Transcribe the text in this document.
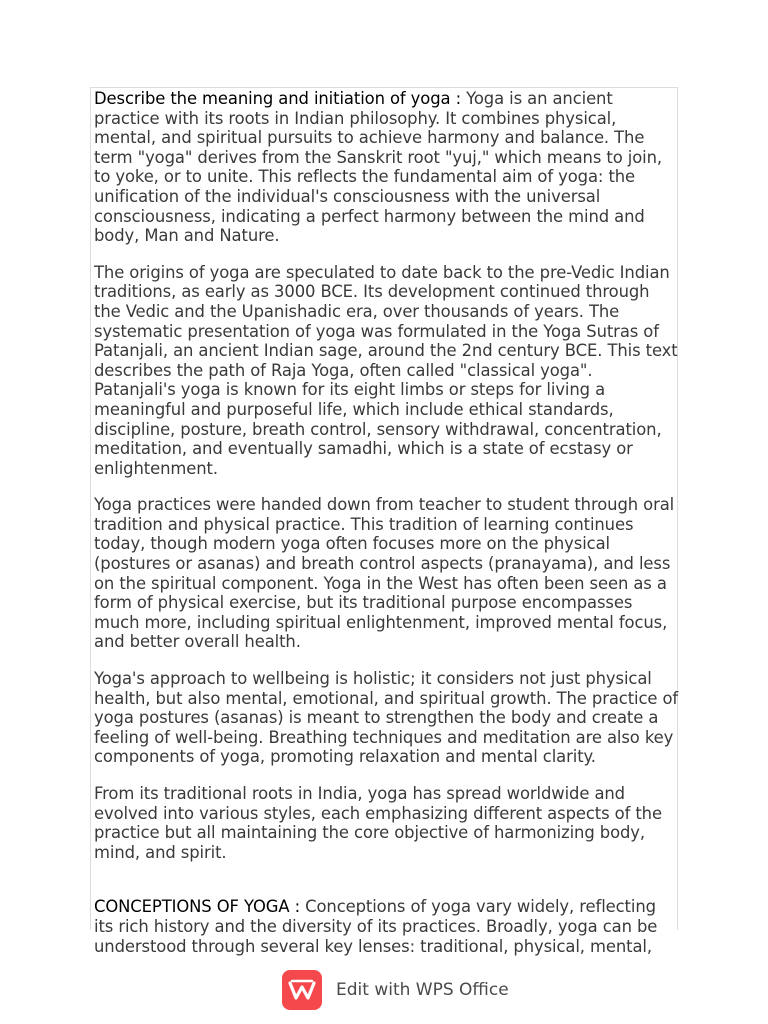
Describe the meaning and initiation of yoga : Yoga is an ancient practice with its roots in Indian philosophy. It combines physical, mental, and spiritual pursuits to achieve harmony and balance. The term "yoga" derives from the Sanskrit root "yuj," which means to join, to yoke, or to unite. This reflects the fundamental aim of yoga: the unification of the individual's consciousness with the universal consciousness, indicating a perfect harmony between the mind and body, Man and Nature.

The origins of yoga are speculated to date back to the pre-Vedic Indian traditions, as early as 3000 BCE. Its development continued through the Vedic and the Upanishadic era, over thousands of years. The systematic presentation of yoga was formulated in the Yoga Sutras of Patanjali, an ancient Indian sage, around the 2nd century BCE. This text describes the path of Raja Yoga, often called "classical yoga". Patanjali's yoga is known for its eight limbs or steps for living a meaningful and purposeful life, which include ethical standards, discipline, posture, breath control, sensory withdrawal, concentration, meditation, and eventually samadhi, which is a state of ecstasy or enlightenment.

Yoga practices were handed down from teacher to student through oral tradition and physical practice. This tradition of learning continues today, though modern yoga often focuses more on the physical (postures or asanas) and breath control aspects (pranayama), and less on the spiritual component. Yoga in the West has often been seen as a form of physical exercise, but its traditional purpose encompasses much more, including spiritual enlightenment, improved mental focus, and better overall health.

Yoga's approach to wellbeing is holistic; it considers not just physical health, but also mental, emotional, and spiritual growth. The practice of yoga postures (asanas) is meant to strengthen the body and create a feeling of well-being. Breathing techniques and meditation are also key components of yoga, promoting relaxation and mental clarity.

From its traditional roots in India, yoga has spread worldwide and evolved into various styles, each emphasizing different aspects of the practice but all maintaining the core objective of harmonizing body, mind, and spirit.

CONCEPTIONS OF YOGA : Conceptions of yoga vary widely, reflecting its rich history and the diversity of its practices. Broadly, yoga can be understood through several key lenses: traditional, physical, mental,

Edit with WPS Office
